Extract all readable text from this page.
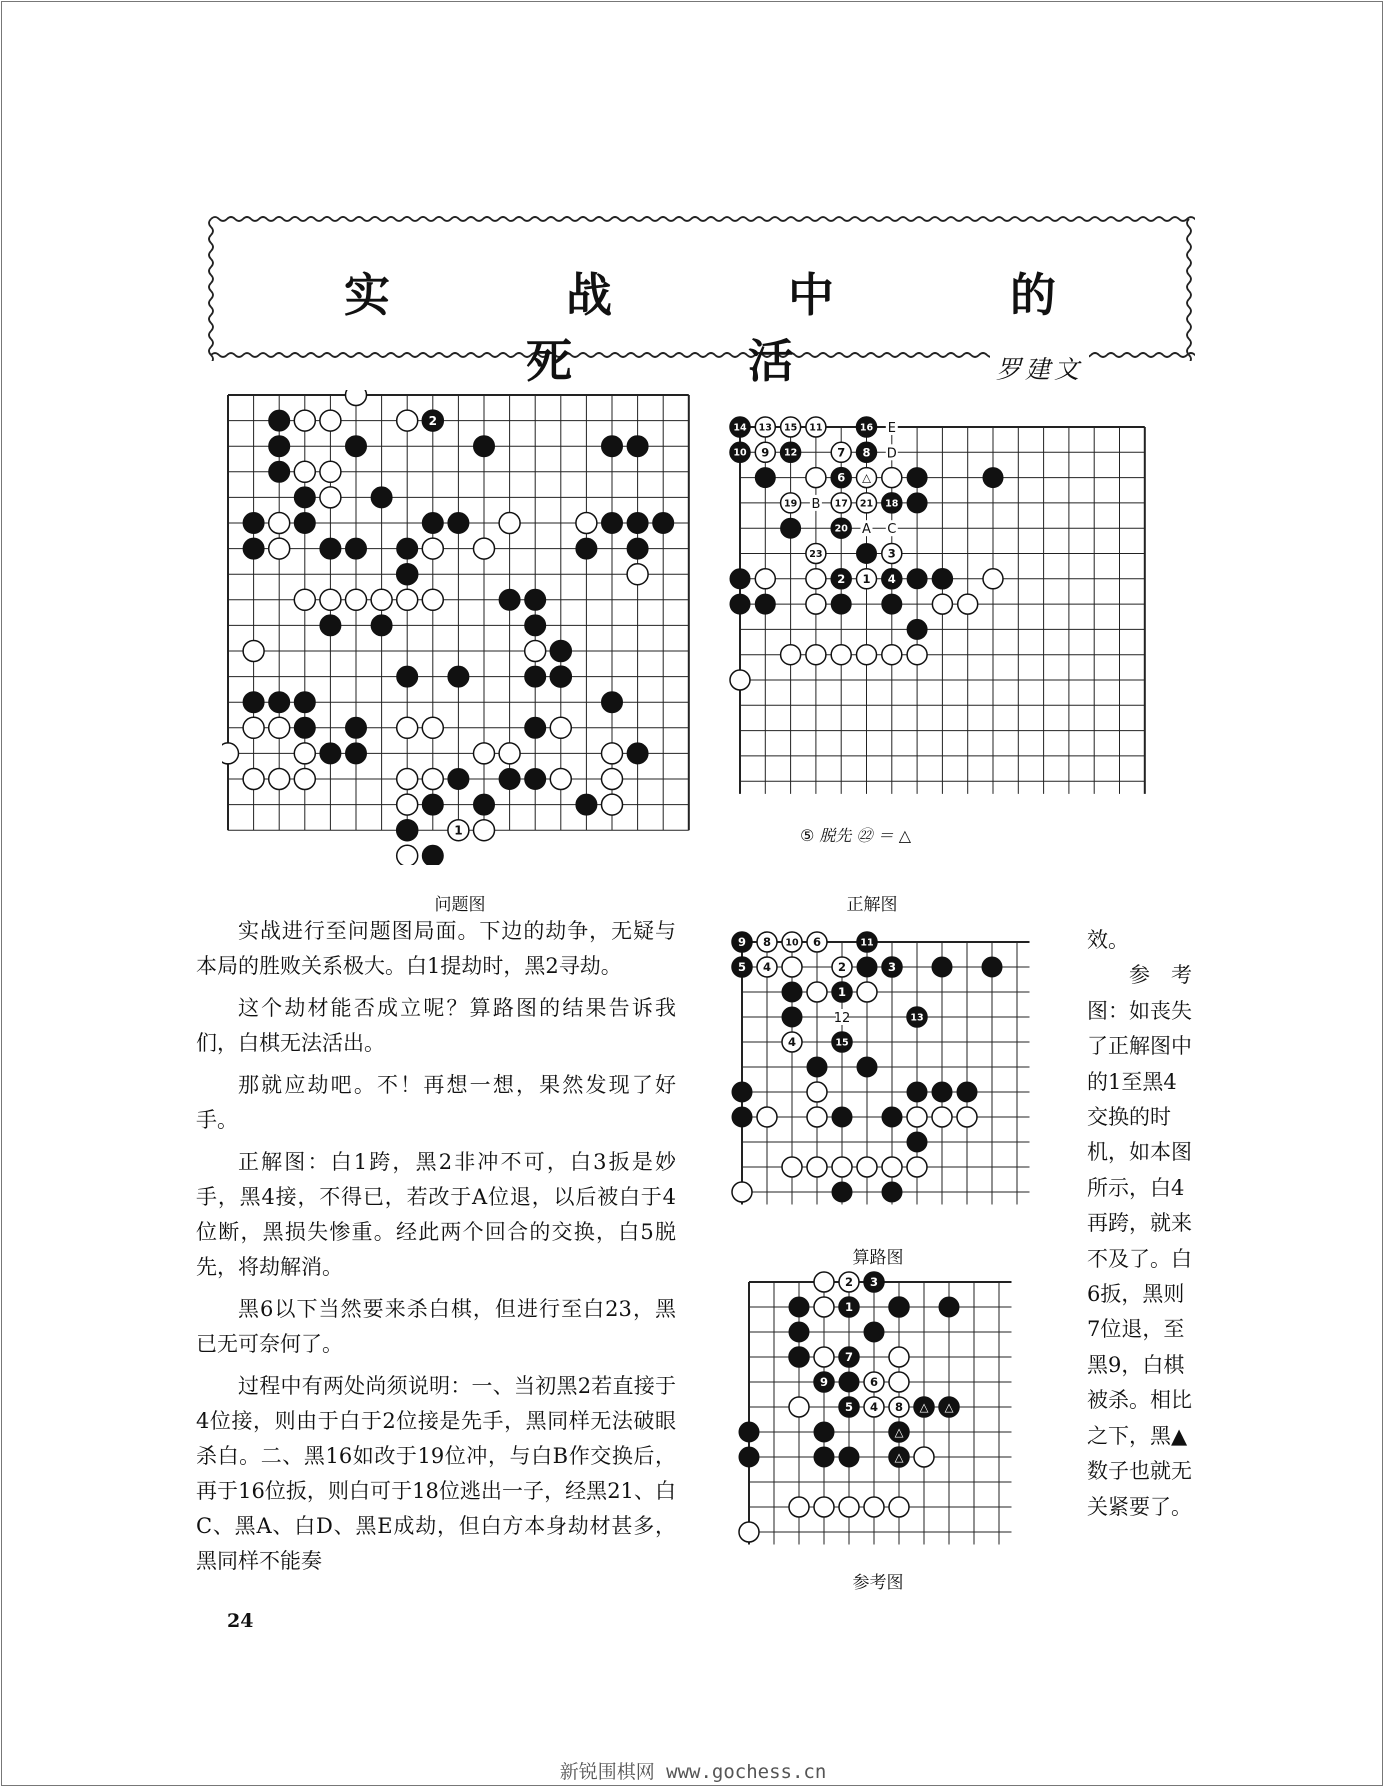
实 战 中 的 死 活	罗建文
2
1
问题图
14 13 15 11	16
10 9 12	7 8
6
19 B 17 21 18
20 A C
23	3
2 1 4
E
D
△
⑤ 脱先 ㉒ ＝ △
正解图
9 8 10 6	11
5 4	2	3
1
13
4
12
15
算路图
2 3
1
7
9	6
5 4 8 △ △
△
△
参考图

实战进行至问题图局面。下边的劫争，无疑与本局的胜败关系极大。白1提劫时，黑2寻劫。

这个劫材能否成立呢？算路图的结果告诉我们，白棋无法活出。

那就应劫吧。不！再想一想，果然发现了好手。

正解图：白1跨，黑2非冲不可，白3扳是妙手，黑4接，不得已，若改于A位退，以后被白于4位断，黑损失惨重。经此两个回合的交换，白5脱先，将劫解消。

黑6以下当然要来杀白棋，但进行至白23，黑已无可奈何了。

过程中有两处尚须说明：一、当初黑2若直接于4位接，则由于白于2位接是先手，黑同样无法破眼杀白。二、黑16如改于19位冲，与白B作交换后，再于16位扳，则白可于18位逃出一子，经黑21、白C、黑A、白D、黑E成劫，但白方本身劫材甚多，黑同样不能奏

效。

　　参　考

图：如丧失

了正解图中

的1至黑4

交换的时

机，如本图

所示，白4

再跨，就来

不及了。白

6扳，黑则

7位退，至

黑9，白棋

被杀。相比

之下，黑▲

数子也就无

关紧要了。

24
新锐围棋网 www.gochess.cn
